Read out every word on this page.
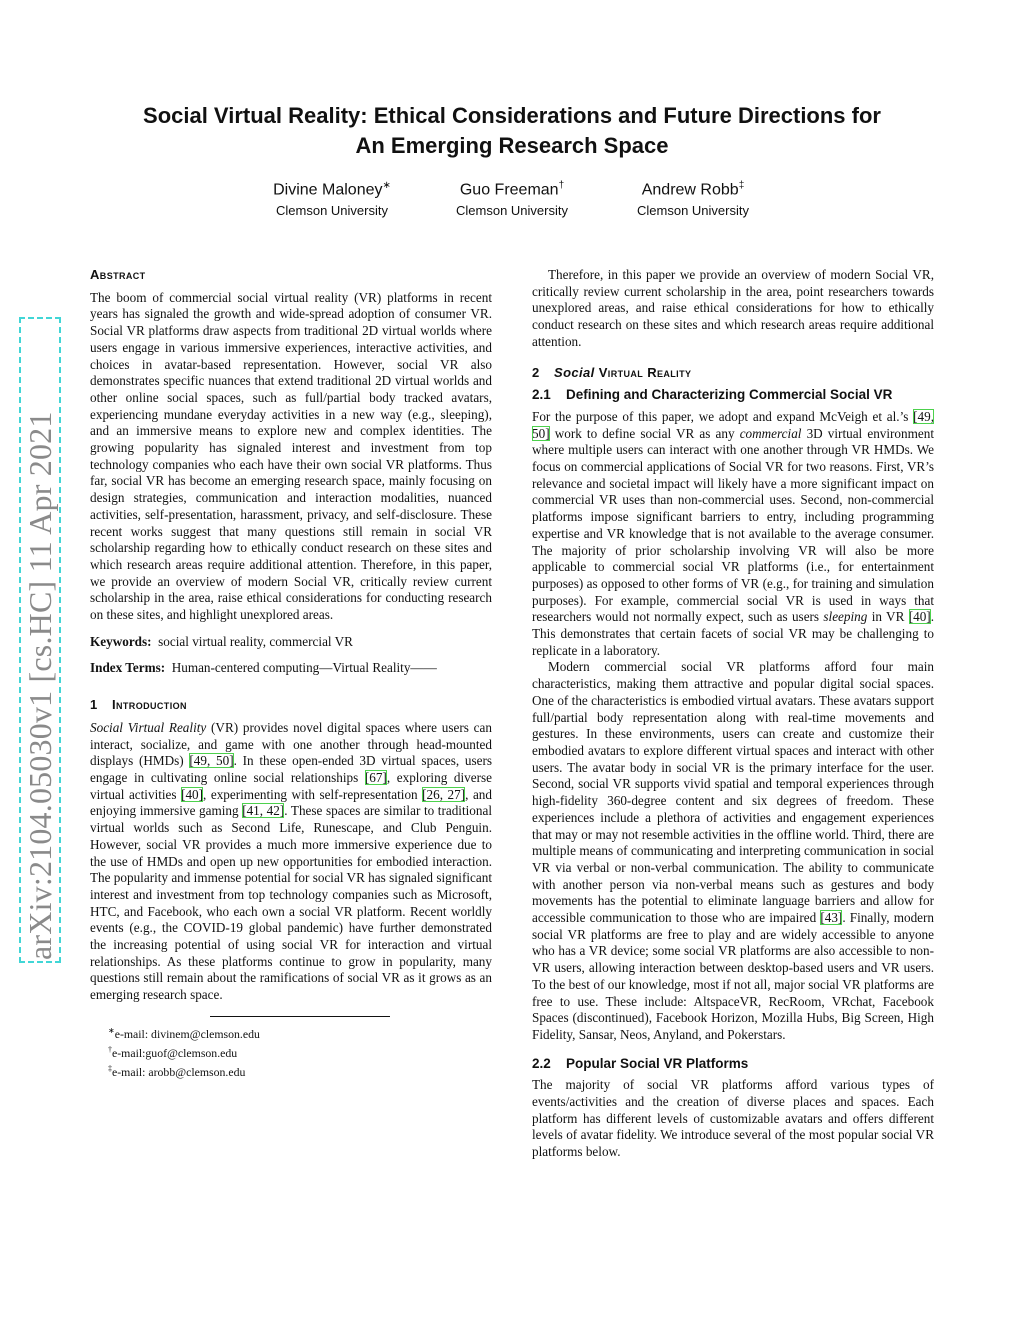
Social Virtual Reality: Ethical Considerations and Future Directions for
An Emerging Research Space
Divine Maloney∗
Clemson University
Guo Freeman†
Clemson University
Andrew Robb‡
Clemson University
arXiv:2104.05030v1 [cs.HC] 11 Apr 2021
Abstract

The boom of commercial social virtual reality (VR) platforms in recent years has signaled the growth and wide-spread adoption of consumer VR. Social VR platforms draw aspects from traditional 2D virtual worlds where users engage in various immersive experiences, interactive activities, and choices in avatar-based representation. However, social VR also demonstrates specific nuances that extend traditional 2D virtual worlds and other online social spaces, such as full/partial body tracked avatars, experiencing mundane everyday activities in a new way (e.g., sleeping), and an immersive means to explore new and complex identities. The growing popularity has signaled interest and investment from top technology companies who each have their own social VR platforms. Thus far, social VR has become an emerging research space, mainly focusing on design strategies, communication and interaction modalities, nuanced activities, self-presentation, harassment, privacy, and self-disclosure. These recent works suggest that many questions still remain in social VR scholarship regarding how to ethically conduct research on these sites and which research areas require additional attention. Therefore, in this paper, we provide an overview of modern Social VR, critically review current scholarship in the area, raise ethical considerations for conducting research on these sites, and highlight unexplored areas.

Keywords: social virtual reality, commercial VR

Index Terms: Human-centered computing—Virtual Reality——

1 Introduction

Social Virtual Reality (VR) provides novel digital spaces where users can interact, socialize, and game with one another through head-mounted displays (HMDs) [49, 50]. In these open-ended 3D virtual spaces, users engage in cultivating online social relationships [67], exploring diverse virtual activities [40], experimenting with self-representation [26, 27], and enjoying immersive gaming [41, 42]. These spaces are similar to traditional virtual worlds such as Second Life, Runescape, and Club Penguin. However, social VR provides a much more immersive experience due to the use of HMDs and open up new opportunities for embodied interaction. The popularity and immense potential for social VR has signaled significant interest and investment from top technology companies such as Microsoft, HTC, and Facebook, who each own a social VR platform. Recent worldly events (e.g., the COVID-19 global pandemic) have further demonstrated the increasing potential of using social VR for interaction and virtual relationships. As these platforms continue to grow in popularity, many questions still remain about the ramifications of social VR as it grows as an emerging research space.

∗e-mail: divinem@clemson.edu
†e-mail:guof@clemson.edu
‡e-mail: arobb@clemson.edu

Therefore, in this paper we provide an overview of modern Social VR, critically review current scholarship in the area, point researchers towards unexplored areas, and raise ethical considerations for how to ethically conduct research on these sites and which research areas require additional attention.

2 Social Virtual Reality
2.1 Defining and Characterizing Commercial Social VR

For the purpose of this paper, we adopt and expand McVeigh et al.’s [49, 50] work to define social VR as any commercial 3D virtual environment where multiple users can interact with one another through VR HMDs. We focus on commercial applications of Social VR for two reasons. First, VR’s relevance and societal impact will likely have a more significant impact on commercial VR uses than non-commercial uses. Second, non-commercial platforms impose significant barriers to entry, including programming expertise and VR knowledge that is not available to the average consumer. The majority of prior scholarship involving VR will also be more applicable to commercial social VR platforms (i.e., for entertainment purposes) as opposed to other forms of VR (e.g., for training and simulation purposes). For example, commercial social VR is used in ways that researchers would not normally expect, such as users sleeping in VR [40]. This demonstrates that certain facets of social VR may be challenging to replicate in a laboratory.

Modern commercial social VR platforms afford four main characteristics, making them attractive and popular digital social spaces. One of the characteristics is embodied virtual avatars. These avatars support full/partial body representation along with real-time movements and gestures. In these environments, users can create and customize their embodied avatars to explore different virtual spaces and interact with other users. The avatar body in social VR is the primary interface for the user. Second, social VR supports vivid spatial and temporal experiences through high-fidelity 360-degree content and six degrees of freedom. These experiences include a plethora of activities and engagement experiences that may or may not resemble activities in the offline world. Third, there are multiple means of communicating and interpreting communication in social VR via verbal or non-verbal communication. The ability to communicate with another person via non-verbal means such as gestures and body movements has the potential to eliminate language barriers and allow for accessible communication to those who are impaired [43]. Finally, modern social VR platforms are free to play and are widely accessible to anyone who has a VR device; some social VR platforms are also accessible to non-VR users, allowing interaction between desktop-based users and VR users. To the best of our knowledge, most if not all, major social VR platforms are free to use. These include: AltspaceVR, RecRoom, VRchat, Facebook Spaces (discontinued), Facebook Horizon, Mozilla Hubs, Big Screen, High Fidelity, Sansar, Neos, Anyland, and Pokerstars.

2.2 Popular Social VR Platforms

The majority of social VR platforms afford various types of events/activities and the creation of diverse places and spaces. Each platform has different levels of customizable avatars and offers different levels of avatar fidelity. We introduce several of the most popular social VR platforms below.
